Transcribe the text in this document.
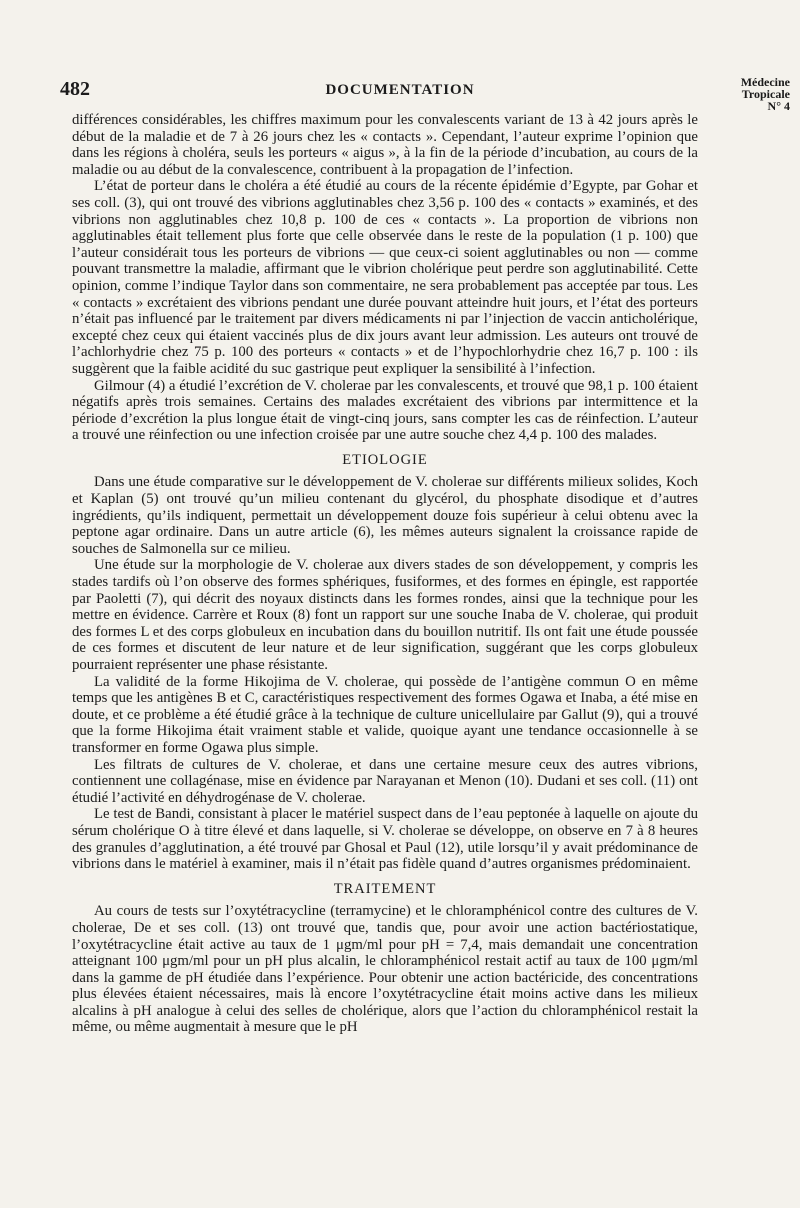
482	DOCUMENTATION	Médecine
Tropicale
N° 4

différences considérables, les chiffres maximum pour les convalescents variant de 13 à 42 jours après le début de la maladie et de 7 à 26 jours chez les « contacts ». Cependant, l’auteur exprime l’opinion que dans les régions à choléra, seuls les porteurs « aigus », à la fin de la période d’incubation, au cours de la maladie ou au début de la convalescence, contribuent à la propagation de l’infection.

L’état de porteur dans le choléra a été étudié au cours de la récente épidémie d’Egypte, par Gohar et ses coll. (3), qui ont trouvé des vibrions agglutinables chez 3,56 p. 100 des « contacts » examinés, et des vibrions non agglutinables chez 10,8 p. 100 de ces « contacts ». La proportion de vibrions non agglutinables était tellement plus forte que celle observée dans le reste de la population (1 p. 100) que l’auteur considérait tous les porteurs de vibrions — que ceux-ci soient agglutinables ou non — comme pouvant transmettre la maladie, affirmant que le vibrion cholérique peut perdre son agglutinabilité. Cette opinion, comme l’indique Taylor dans son commentaire, ne sera probablement pas acceptée par tous. Les « contacts » excrétaient des vibrions pendant une durée pouvant atteindre huit jours, et l’état des porteurs n’était pas influencé par le traitement par divers médicaments ni par l’injection de vaccin anticholérique, excepté chez ceux qui étaient vaccinés plus de dix jours avant leur admission. Les auteurs ont trouvé de l’achlorhydrie chez 75 p. 100 des porteurs « contacts » et de l’hypochlorhydrie chez 16,7 p. 100 : ils suggèrent que la faible acidité du suc gastrique peut expliquer la sensibilité à l’infection.

Gilmour (4) a étudié l’excrétion de V. cholerae par les convalescents, et trouvé que 98,1 p. 100 étaient négatifs après trois semaines. Certains des malades excrétaient des vibrions par intermittence et la période d’excrétion la plus longue était de vingt-cinq jours, sans compter les cas de réinfection. L’auteur a trouvé une réinfection ou une infection croisée par une autre souche chez 4,4 p. 100 des malades.

ETIOLOGIE

Dans une étude comparative sur le développement de V. cholerae sur différents milieux solides, Koch et Kaplan (5) ont trouvé qu’un milieu contenant du glycérol, du phosphate disodique et d’autres ingrédients, qu’ils indiquent, permettait un développement douze fois supérieur à celui obtenu avec la peptone agar ordinaire. Dans un autre article (6), les mêmes auteurs signalent la croissance rapide de souches de Salmonella sur ce milieu.

Une étude sur la morphologie de V. cholerae aux divers stades de son développement, y compris les stades tardifs où l’on observe des formes sphériques, fusiformes, et des formes en épingle, est rapportée par Paoletti (7), qui décrit des noyaux distincts dans les formes rondes, ainsi que la technique pour les mettre en évidence. Carrère et Roux (8) font un rapport sur une souche Inaba de V. cholerae, qui produit des formes L et des corps globuleux en incubation dans du bouillon nutritif. Ils ont fait une étude poussée de ces formes et discutent de leur nature et de leur signification, suggérant que les corps globuleux pourraient représenter une phase résistante.

La validité de la forme Hikojima de V. cholerae, qui possède de l’antigène commun O en même temps que les antigènes B et C, caractéristiques respectivement des formes Ogawa et Inaba, a été mise en doute, et ce problème a été étudié grâce à la technique de culture unicellulaire par Gallut (9), qui a trouvé que la forme Hikojima était vraiment stable et valide, quoique ayant une tendance occasionnelle à se transformer en forme Ogawa plus simple.

Les filtrats de cultures de V. cholerae, et dans une certaine mesure ceux des autres vibrions, contiennent une collagénase, mise en évidence par Narayanan et Menon (10). Dudani et ses coll. (11) ont étudié l’activité en déhydrogénase de V. cholerae.

Le test de Bandi, consistant à placer le matériel suspect dans de l’eau peptonée à laquelle on ajoute du sérum cholérique O à titre élevé et dans laquelle, si V. cholerae se développe, on observe en 7 à 8 heures des granules d’agglutination, a été trouvé par Ghosal et Paul (12), utile lorsqu’il y avait prédominance de vibrions dans le matériel à examiner, mais il n’était pas fidèle quand d’autres organismes prédominaient.

TRAITEMENT

Au cours de tests sur l’oxytétracycline (terramycine) et le chloramphénicol contre des cultures de V. cholerae, De et ses coll. (13) ont trouvé que, tandis que, pour avoir une action bactériostatique, l’oxytétracycline était active au taux de 1 μgm/ml pour pH = 7,4, mais demandait une concentration atteignant 100 μgm/ml pour un pH plus alcalin, le chloramphénicol restait actif au taux de 100 μgm/ml dans la gamme de pH étudiée dans l’expérience. Pour obtenir une action bactéricide, des concentrations plus élevées étaient nécessaires, mais là encore l’oxytétracycline était moins active dans les milieux alcalins à pH analogue à celui des selles de cholérique, alors que l’action du chloramphénicol restait la même, ou même augmentait à mesure que le pH
